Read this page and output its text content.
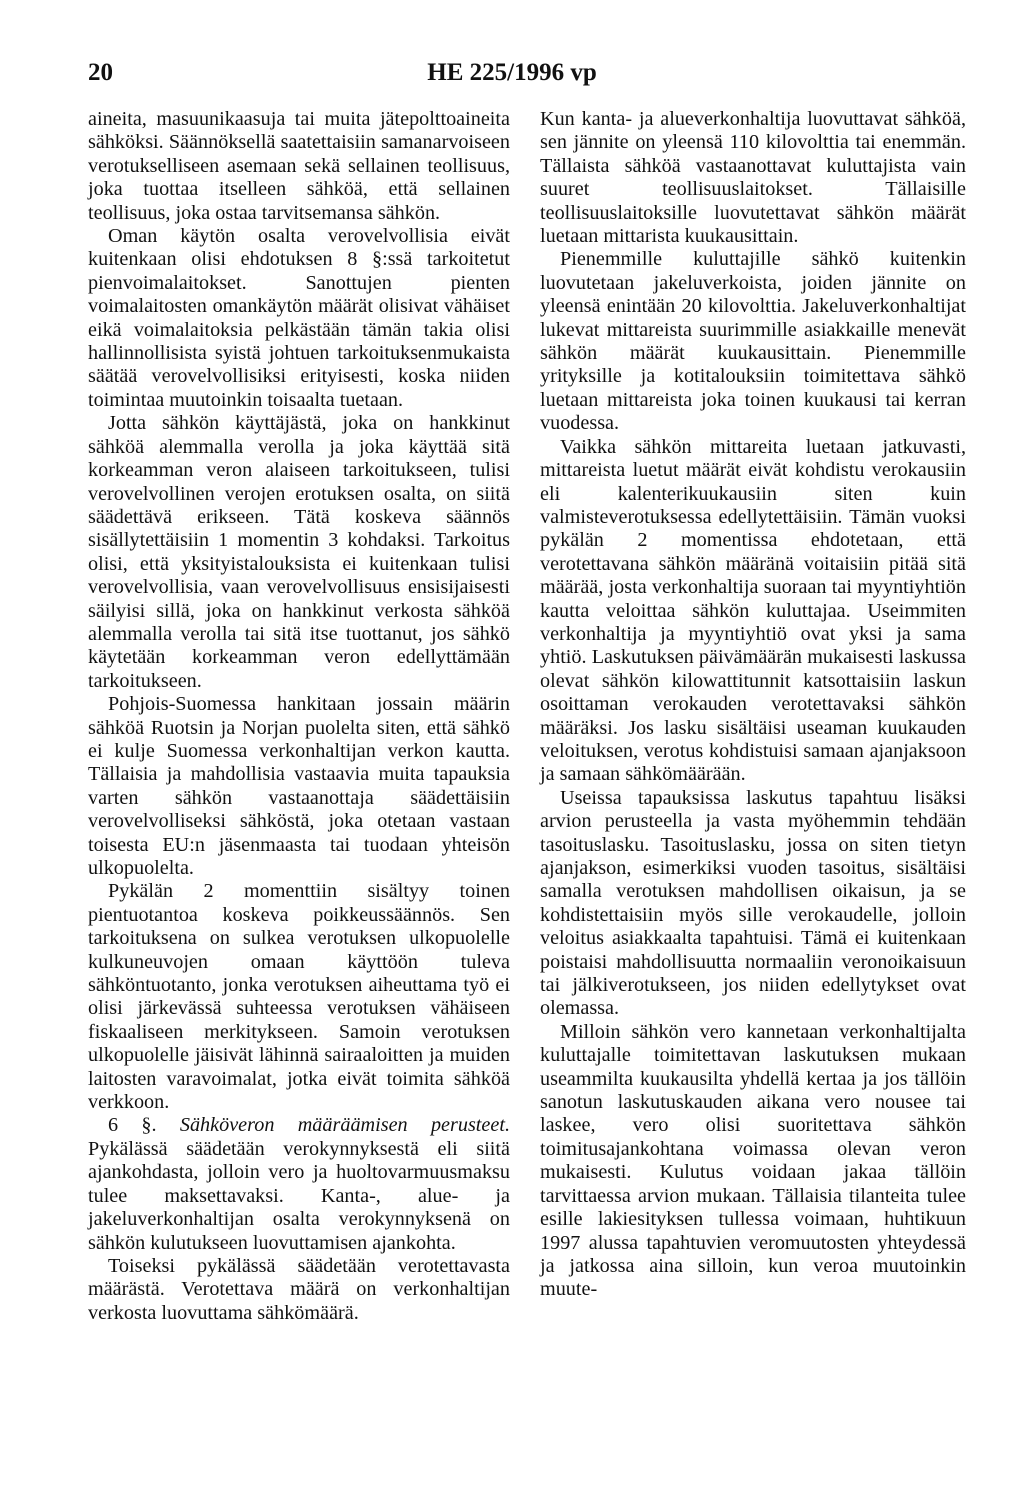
20	HE 225/1996 vp

aineita, masuunikaasuja tai muita jätepolttoaineita sähköksi. Säännöksellä saatettaisiin samanarvoiseen verotukselliseen asemaan sekä sellainen teollisuus, joka tuottaa itselleen sähköä, että sellainen teollisuus, joka ostaa tarvitsemansa sähkön.

Oman käytön osalta verovelvollisia eivät kuitenkaan olisi ehdotuksen 8 §:ssä tarkoitetut pienvoimalaitokset. Sanottujen pienten voimalaitosten omankäytön määrät olisivat vähäiset eikä voimalaitoksia pelkästään tämän takia olisi hallinnollisista syistä johtuen tarkoituksenmukaista säätää verovelvollisiksi erityisesti, koska niiden toimintaa muutoinkin toisaalta tuetaan.

Jotta sähkön käyttäjästä, joka on hankkinut sähköä alemmalla verolla ja joka käyttää sitä korkeamman veron alaiseen tarkoitukseen, tulisi verovelvollinen verojen erotuksen osalta, on siitä säädettävä erikseen. Tätä koskeva säännös sisällytettäisiin 1 momentin 3 kohdaksi. Tarkoitus olisi, että yksityistalouksista ei kuitenkaan tulisi verovelvollisia, vaan verovelvollisuus ensisijaisesti säilyisi sillä, joka on hankkinut verkosta sähköä alemmalla verolla tai sitä itse tuottanut, jos sähkö käytetään korkeamman veron edellyttämään tarkoitukseen.

Pohjois-Suomessa hankitaan jossain määrin sähköä Ruotsin ja Norjan puolelta siten, että sähkö ei kulje Suomessa verkonhaltijan verkon kautta. Tällaisia ja mahdollisia vastaavia muita tapauksia varten sähkön vastaanottaja säädettäisiin verovelvolliseksi sähköstä, joka otetaan vastaan toisesta EU:n jäsenmaasta tai tuodaan yhteisön ulkopuolelta.

Pykälän 2 momenttiin sisältyy toinen pientuotantoa koskeva poikkeussäännös. Sen tarkoituksena on sulkea verotuksen ulkopuolelle kulkuneuvojen omaan käyttöön tuleva sähköntuotanto, jonka verotuksen aiheuttama työ ei olisi järkevässä suhteessa verotuksen vähäiseen fiskaaliseen merkitykseen. Samoin verotuksen ulkopuolelle jäisivät lähinnä sairaaloitten ja muiden laitosten varavoimalat, jotka eivät toimita sähköä verkkoon.

6 §. Sähköveron määräämisen perusteet. Pykälässä säädetään verokynnyksestä eli siitä ajankohdasta, jolloin vero ja huoltovarmuusmaksu tulee maksettavaksi. Kanta-, alue- ja jakeluverkonhaltijan osalta verokynnyksenä on sähkön kulutukseen luovuttamisen ajankohta.

Toiseksi pykälässä säädetään verotettavasta määrästä. Verotettava määrä on verkonhaltijan verkosta luovuttama sähkömäärä.

Kun kanta- ja alueverkonhaltija luovuttavat sähköä, sen jännite on yleensä 110 kilovolttia tai enemmän. Tällaista sähköä vastaanottavat kuluttajista vain suuret teollisuuslaitokset. Tällaisille teollisuuslaitoksille luovutettavat sähkön määrät luetaan mittarista kuukausittain.

Pienemmille kuluttajille sähkö kuitenkin luovutetaan jakeluverkoista, joiden jännite on yleensä enintään 20 kilovolttia. Jakeluverkonhaltijat lukevat mittareista suurimmille asiakkaille menevät sähkön määrät kuukausittain. Pienemmille yrityksille ja kotitalouksiin toimitettava sähkö luetaan mittareista joka toinen kuukausi tai kerran vuodessa.

Vaikka sähkön mittareita luetaan jatkuvasti, mittareista luetut määrät eivät kohdistu verokausiin eli kalenterikuukausiin siten kuin valmisteverotuksessa edellytettäisiin. Tämän vuoksi pykälän 2 momentissa ehdotetaan, että verotettavana sähkön määränä voitaisiin pitää sitä määrää, josta verkonhaltija suoraan tai myyntiyhtiön kautta veloittaa sähkön kuluttajaa. Useimmiten verkonhaltija ja myyntiyhtiö ovat yksi ja sama yhtiö. Laskutuksen päivämäärän mukaisesti laskussa olevat sähkön kilowattitunnit katsottaisiin laskun osoittaman verokauden verotettavaksi sähkön määräksi. Jos lasku sisältäisi useaman kuukauden veloituksen, verotus kohdistuisi samaan ajanjaksoon ja samaan sähkömäärään.

Useissa tapauksissa laskutus tapahtuu lisäksi arvion perusteella ja vasta myöhemmin tehdään tasoituslasku. Tasoituslasku, jossa on siten tietyn ajanjakson, esimerkiksi vuoden tasoitus, sisältäisi samalla verotuksen mahdollisen oikaisun, ja se kohdistettaisiin myös sille verokaudelle, jolloin veloitus asiakkaalta tapahtuisi. Tämä ei kuitenkaan poistaisi mahdollisuutta normaaliin veronoikaisuun tai jälkiverotukseen, jos niiden edellytykset ovat olemassa.

Milloin sähkön vero kannetaan verkonhaltijalta kuluttajalle toimitettavan laskutuksen mukaan useammilta kuukausilta yhdellä kertaa ja jos tällöin sanotun laskutuskauden aikana vero nousee tai laskee, vero olisi suoritettava sähkön toimitusajankohtana voimassa olevan veron mukaisesti. Kulutus voidaan jakaa tällöin tarvittaessa arvion mukaan. Tällaisia tilanteita tulee esille lakiesityksen tullessa voimaan, huhtikuun 1997 alussa tapahtuvien veromuutosten yhteydessä ja jatkossa aina silloin, kun veroa muutoinkin muute-
